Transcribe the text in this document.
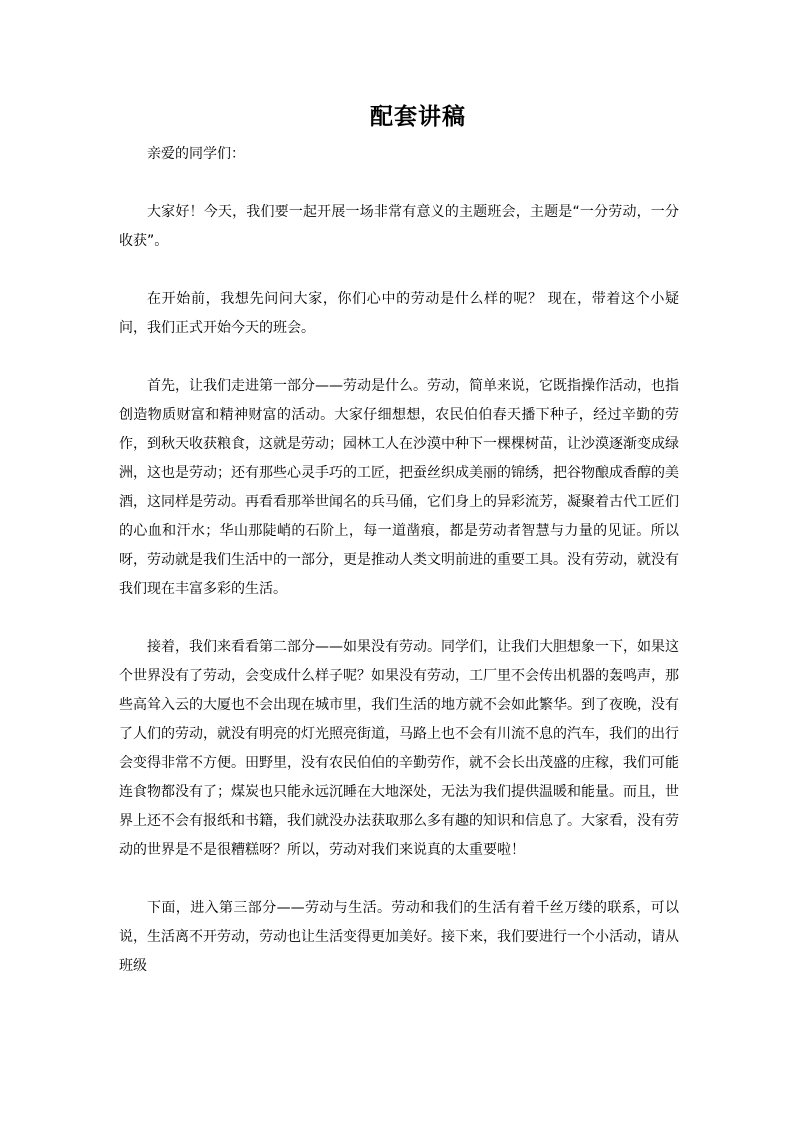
配套讲稿

亲爱的同学们：

大家好！今天，我们要一起开展一场非常有意义的主题班会，主题是“一分劳动，一分收获”。

在开始前，我想先问问大家，你们心中的劳动是什么样的呢？ 现在，带着这个小疑问，我们正式开始今天的班会。

首先，让我们走进第一部分——劳动是什么。劳动，简单来说，它既指操作活动，也指创造物质财富和精神财富的活动。大家仔细想想，农民伯伯春天播下种子，经过辛勤的劳作，到秋天收获粮食，这就是劳动；园林工人在沙漠中种下一棵棵树苗，让沙漠逐渐变成绿洲，这也是劳动；还有那些心灵手巧的工匠，把蚕丝织成美丽的锦绣，把谷物酿成香醇的美酒，这同样是劳动。再看看那举世闻名的兵马俑，它们身上的异彩流芳，凝聚着古代工匠们的心血和汗水；华山那陡峭的石阶上，每一道凿痕，都是劳动者智慧与力量的见证。所以呀，劳动就是我们生活中的一部分，更是推动人类文明前进的重要工具。没有劳动，就没有我们现在丰富多彩的生活。

接着，我们来看看第二部分——如果没有劳动。同学们，让我们大胆想象一下，如果这个世界没有了劳动，会变成什么样子呢？如果没有劳动，工厂里不会传出机器的轰鸣声，那些高耸入云的大厦也不会出现在城市里，我们生活的地方就不会如此繁华。到了夜晚，没有了人们的劳动，就没有明亮的灯光照亮街道，马路上也不会有川流不息的汽车，我们的出行会变得非常不方便。田野里，没有农民伯伯的辛勤劳作，就不会长出茂盛的庄稼，我们可能连食物都没有了；煤炭也只能永远沉睡在大地深处，无法为我们提供温暖和能量。而且，世界上还不会有报纸和书籍，我们就没办法获取那么多有趣的知识和信息了。大家看，没有劳动的世界是不是很糟糕呀？所以，劳动对我们来说真的太重要啦！

下面，进入第三部分——劳动与生活。劳动和我们的生活有着千丝万缕的联系，可以说，生活离不开劳动，劳动也让生活变得更加美好。接下来，我们要进行一个小活动，请从班级
